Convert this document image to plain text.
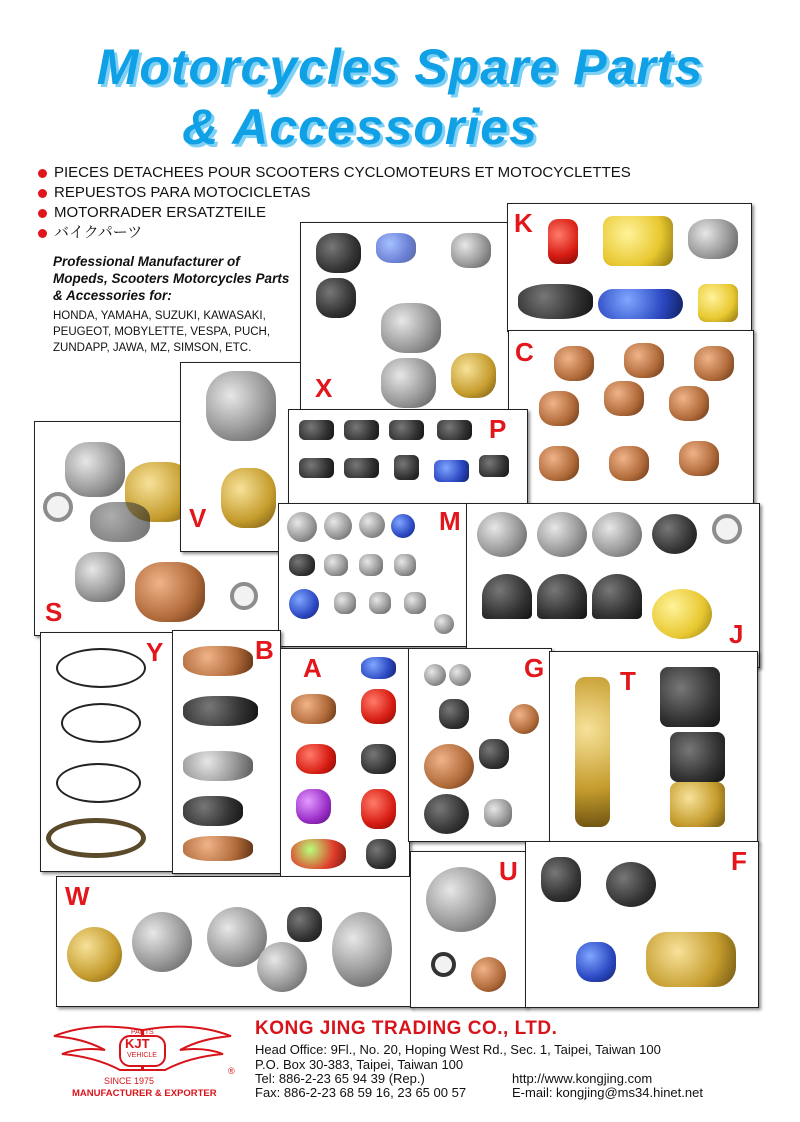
Motorcycles Spare Parts
& Accessories
PIECES DETACHEES POUR SCOOTERS CYCLOMOTEURS ET MOTOCYCLETTES
REPUESTOS PARA MOTOCICLETAS
MOTORRADER ERSATZTEILE
バイクパーツ
Professional Manufacturer of Mopeds, Scooters Motorcycles Parts & Accessories for:
HONDA, YAMAHA, SUZUKI, KAWASAKI, PEUGEOT, MOBYLETTE, VESPA, PUCH, ZUNDAPP, JAWA, MZ, SIMSON, ETC.
S
V
X
K
C
P
M
J
Y	B
A	G	T
W
U	F
PARTS
KJT
VEHICLE
®
SINCE 1975
MANUFACTURER & EXPORTER
KONG JING TRADING CO., LTD.
Head Office: 9Fl., No. 20, Hoping West Rd., Sec. 1, Taipei, Taiwan 100
P.O. Box 30-383, Taipei, Taiwan 100
Tel: 886-2-23 65 94 39 (Rep.)	http://www.kongjing.com
Fax: 886-2-23 68 59 16, 23 65 00 57	E-mail: kongjing@ms34.hinet.net
